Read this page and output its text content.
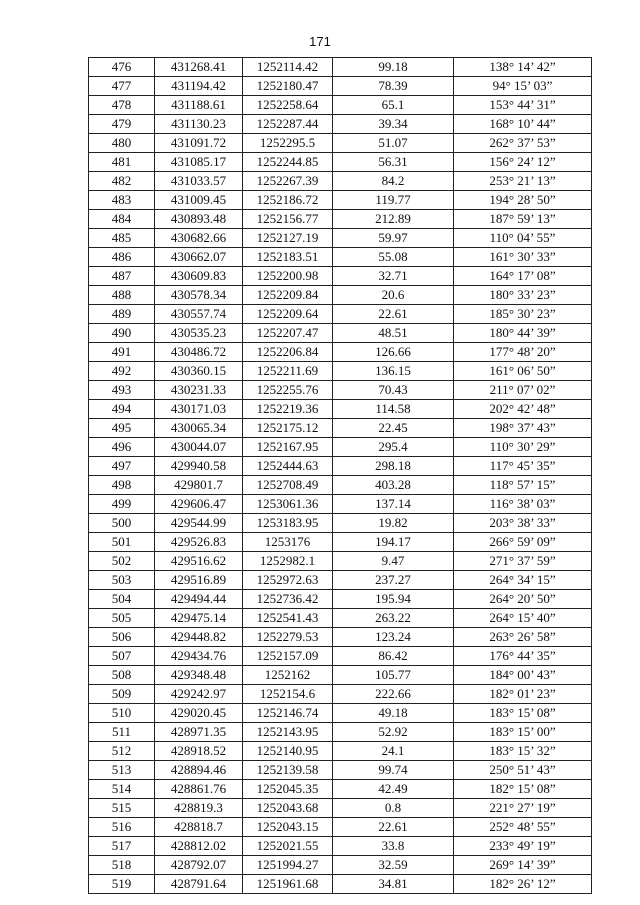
171
476	431268.41	1252114.42	99.18	138° 14’ 42”
477	431194.42	1252180.47	78.39	94° 15’ 03”
478	431188.61	1252258.64	65.1	153° 44’ 31”
479	431130.23	1252287.44	39.34	168° 10’ 44”
480	431091.72	1252295.5	51.07	262° 37’ 53”
481	431085.17	1252244.85	56.31	156° 24’ 12”
482	431033.57	1252267.39	84.2	253° 21’ 13”
483	431009.45	1252186.72	119.77	194° 28’ 50”
484	430893.48	1252156.77	212.89	187° 59’ 13”
485	430682.66	1252127.19	59.97	110° 04’ 55”
486	430662.07	1252183.51	55.08	161° 30’ 33”
487	430609.83	1252200.98	32.71	164° 17’ 08”
488	430578.34	1252209.84	20.6	180° 33’ 23”
489	430557.74	1252209.64	22.61	185° 30’ 23”
490	430535.23	1252207.47	48.51	180° 44’ 39”
491	430486.72	1252206.84	126.66	177° 48’ 20”
492	430360.15	1252211.69	136.15	161° 06’ 50”
493	430231.33	1252255.76	70.43	211° 07’ 02”
494	430171.03	1252219.36	114.58	202° 42’ 48”
495	430065.34	1252175.12	22.45	198° 37’ 43”
496	430044.07	1252167.95	295.4	110° 30’ 29”
497	429940.58	1252444.63	298.18	117° 45’ 35”
498	429801.7	1252708.49	403.28	118° 57’ 15”
499	429606.47	1253061.36	137.14	116° 38’ 03”
500	429544.99	1253183.95	19.82	203° 38’ 33”
501	429526.83	1253176	194.17	266° 59’ 09”
502	429516.62	1252982.1	9.47	271° 37’ 59”
503	429516.89	1252972.63	237.27	264° 34’ 15”
504	429494.44	1252736.42	195.94	264° 20’ 50”
505	429475.14	1252541.43	263.22	264° 15’ 40”
506	429448.82	1252279.53	123.24	263° 26’ 58”
507	429434.76	1252157.09	86.42	176° 44’ 35”
508	429348.48	1252162	105.77	184° 00’ 43”
509	429242.97	1252154.6	222.66	182° 01’ 23”
510	429020.45	1252146.74	49.18	183° 15’ 08”
511	428971.35	1252143.95	52.92	183° 15’ 00”
512	428918.52	1252140.95	24.1	183° 15’ 32”
513	428894.46	1252139.58	99.74	250° 51’ 43”
514	428861.76	1252045.35	42.49	182° 15’ 08”
515	428819.3	1252043.68	0.8	221° 27’ 19”
516	428818.7	1252043.15	22.61	252° 48’ 55”
517	428812.02	1252021.55	33.8	233° 49’ 19”
518	428792.07	1251994.27	32.59	269° 14’ 39”
519	428791.64	1251961.68	34.81	182° 26’ 12”
